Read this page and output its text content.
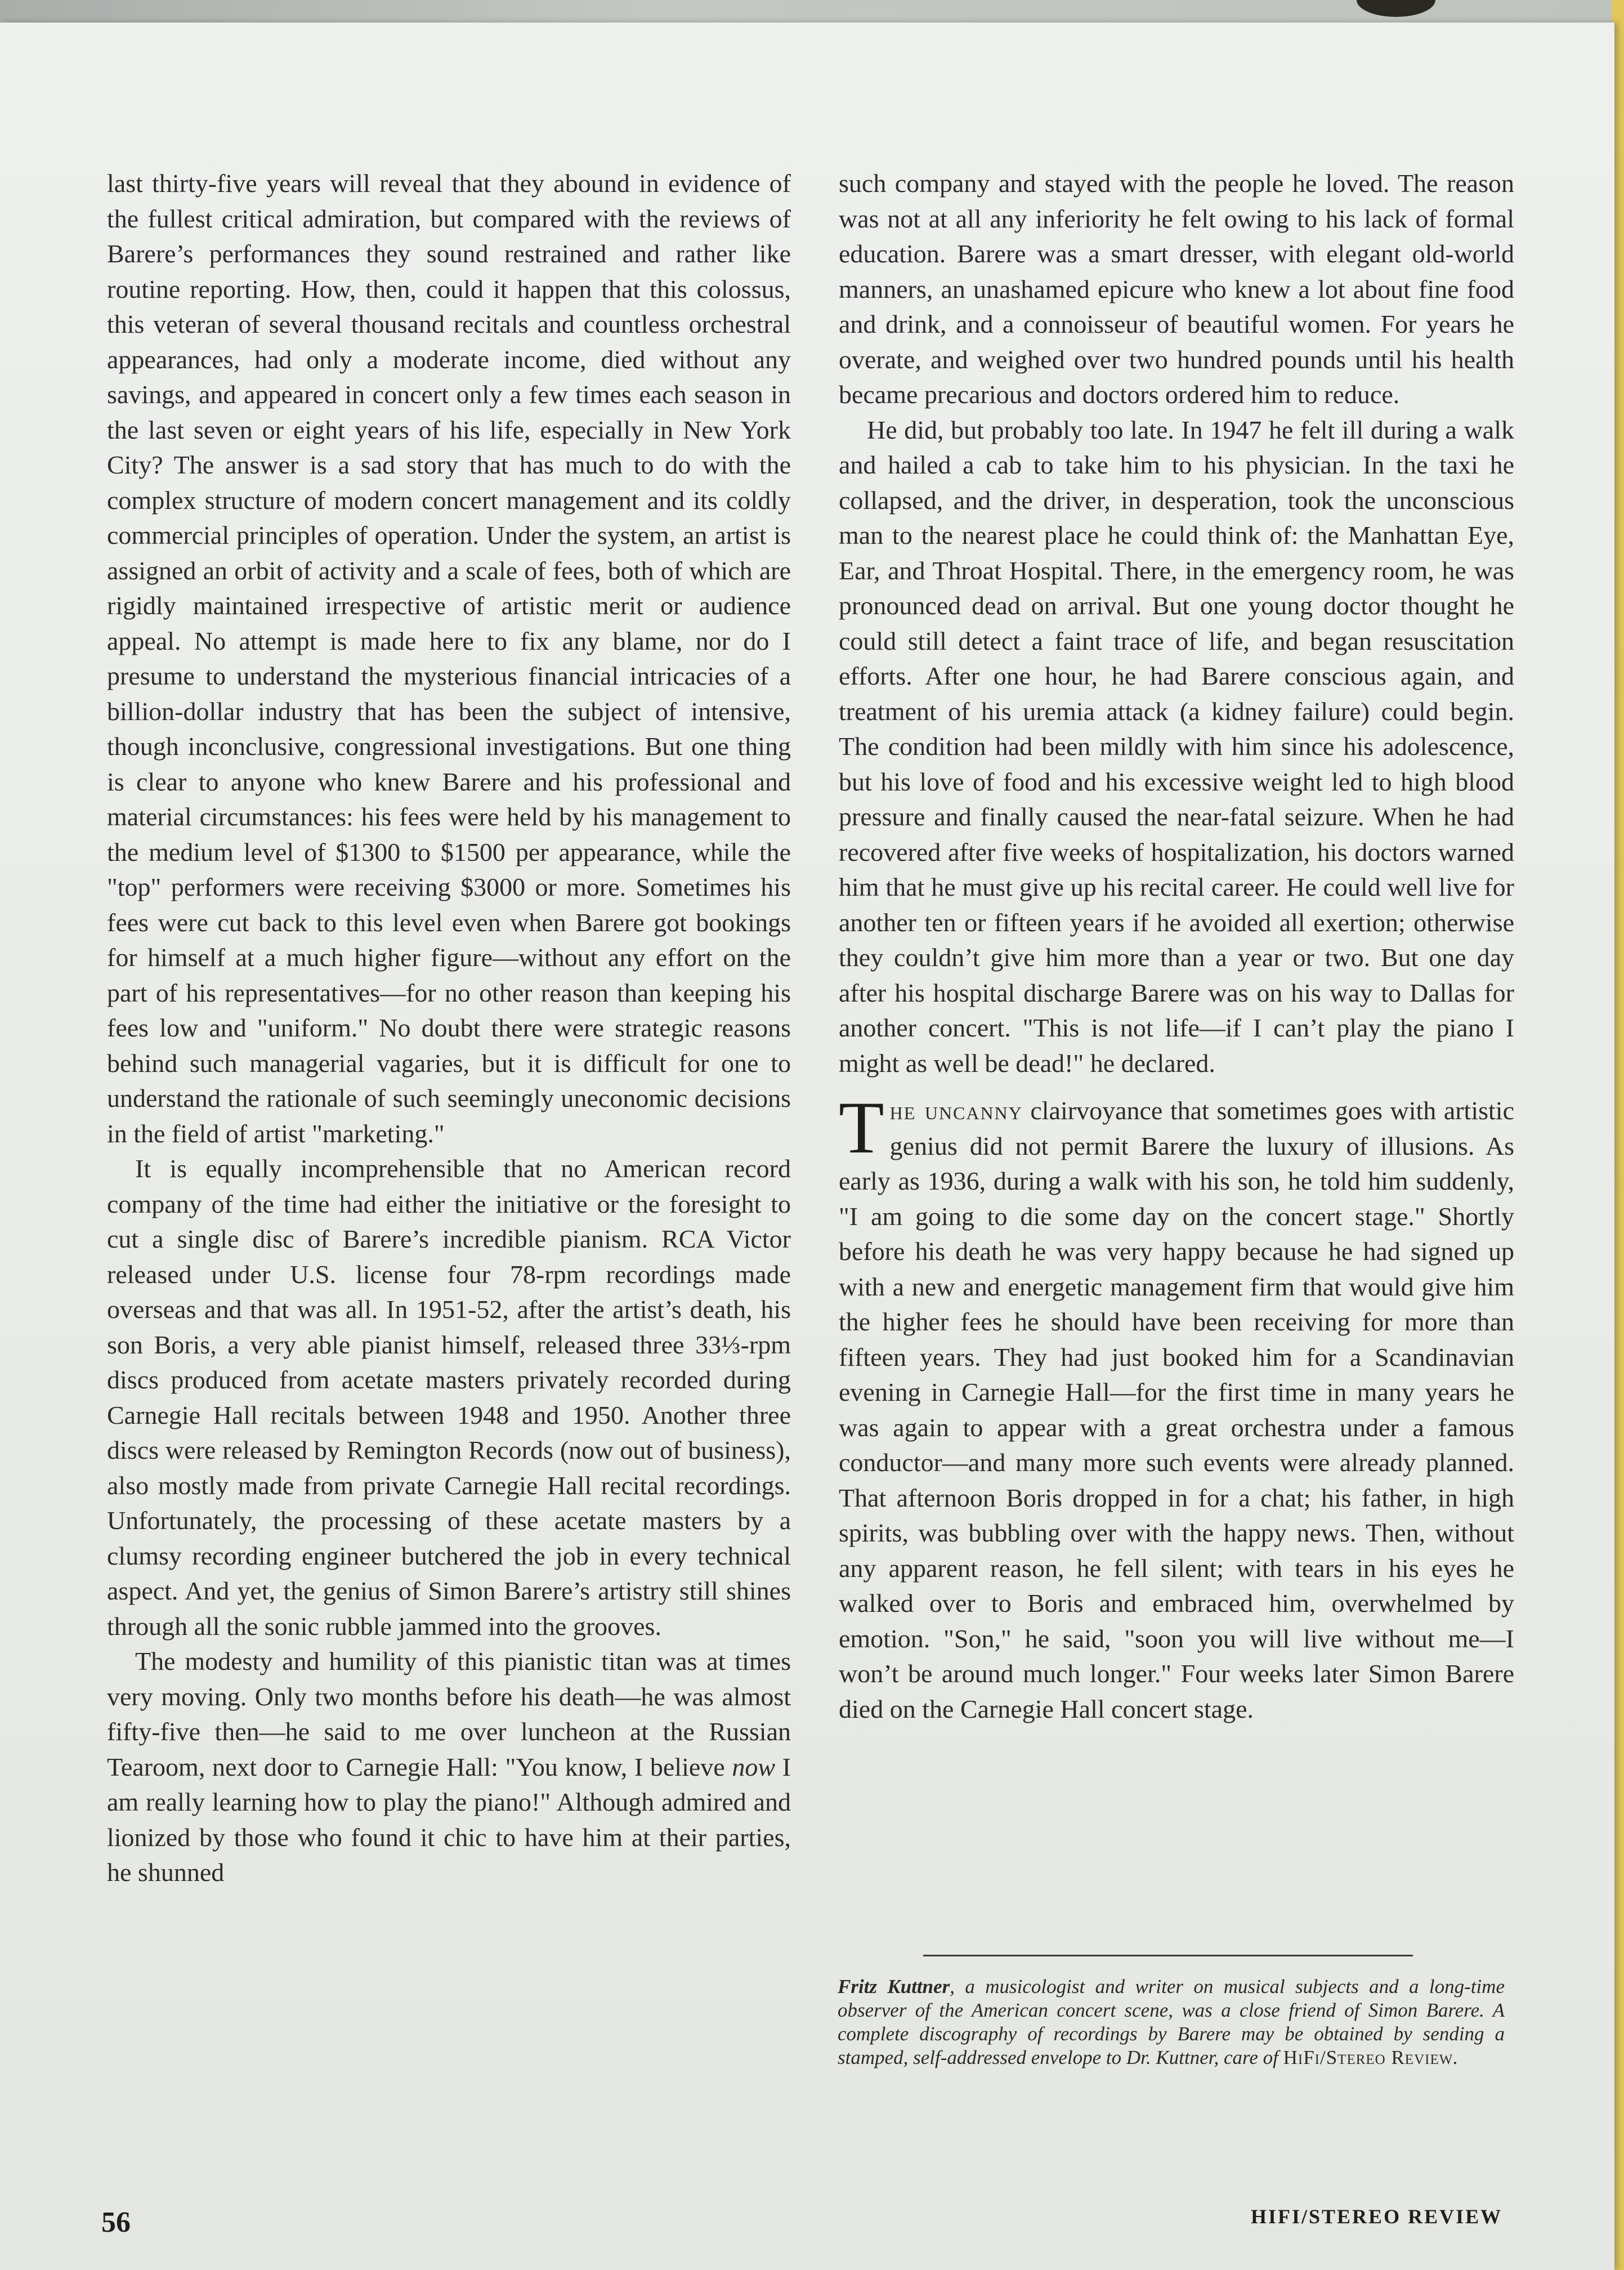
last thirty-five years will reveal that they abound in evidence of the fullest critical admiration, but compared with the reviews of Barere’s performances they sound restrained and rather like routine reporting. How, then, could it happen that this colossus, this veteran of several thousand recitals and countless orchestral appearances, had only a moderate income, died without any savings, and appeared in concert only a few times each season in the last seven or eight years of his life, especially in New York City? The answer is a sad story that has much to do with the complex structure of modern concert management and its coldly commercial principles of operation. Under the system, an artist is assigned an orbit of activity and a scale of fees, both of which are rigidly maintained irrespective of artistic merit or audience appeal. No attempt is made here to fix any blame, nor do I presume to understand the mysterious financial intricacies of a billion-dollar industry that has been the subject of intensive, though inconclusive, congressional investigations. But one thing is clear to anyone who knew Barere and his professional and material circumstances: his fees were held by his management to the medium level of $1300 to $1500 per appearance, while the "top" performers were receiving $3000 or more. Sometimes his fees were cut back to this level even when Barere got bookings for himself at a much higher figure—without any effort on the part of his representatives—for no other reason than keeping his fees low and "uniform." No doubt there were strategic reasons behind such managerial vagaries, but it is difficult for one to understand the rationale of such seemingly uneconomic decisions in the field of artist "marketing."

It is equally incomprehensible that no American record company of the time had either the initiative or the foresight to cut a single disc of Barere’s incredible pianism. RCA Victor released under U.S. license four 78-rpm recordings made overseas and that was all. In 1951-52, after the artist’s death, his son Boris, a very able pianist himself, released three 33⅓-rpm discs produced from acetate masters privately recorded during Carnegie Hall recitals between 1948 and 1950. Another three discs were released by Remington Records (now out of business), also mostly made from private Carnegie Hall recital recordings. Unfortunately, the processing of these acetate masters by a clumsy recording engineer butchered the job in every technical aspect. And yet, the genius of Simon Barere’s artistry still shines through all the sonic rubble jammed into the grooves.

The modesty and humility of this pianistic titan was at times very moving. Only two months before his death—he was almost fifty-five then—he said to me over luncheon at the Russian Tearoom, next door to Carnegie Hall: "You know, I believe now I am really learning how to play the piano!" Although admired and lionized by those who found it chic to have him at their parties, he shunned

such company and stayed with the people he loved. The reason was not at all any inferiority he felt owing to his lack of formal education. Barere was a smart dresser, with elegant old-world manners, an unashamed epicure who knew a lot about fine food and drink, and a connoisseur of beautiful women. For years he overate, and weighed over two hundred pounds until his health became precarious and doctors ordered him to reduce.

He did, but probably too late. In 1947 he felt ill during a walk and hailed a cab to take him to his physician. In the taxi he collapsed, and the driver, in desperation, took the unconscious man to the nearest place he could think of: the Manhattan Eye, Ear, and Throat Hospital. There, in the emergency room, he was pronounced dead on arrival. But one young doctor thought he could still detect a faint trace of life, and began resuscitation efforts. After one hour, he had Barere conscious again, and treatment of his uremia attack (a kidney failure) could begin. The condition had been mildly with him since his adolescence, but his love of food and his excessive weight led to high blood pressure and finally caused the near-fatal seizure. When he had recovered after five weeks of hospitalization, his doctors warned him that he must give up his recital career. He could well live for another ten or fifteen years if he avoided all exertion; otherwise they couldn’t give him more than a year or two. But one day after his hospital discharge Barere was on his way to Dallas for another concert. "This is not life—if I can’t play the piano I might as well be dead!" he declared.

The uncanny clairvoyance that sometimes goes with artistic genius did not permit Barere the luxury of illusions. As early as 1936, during a walk with his son, he told him suddenly, "I am going to die some day on the concert stage." Shortly before his death he was very happy because he had signed up with a new and energetic management firm that would give him the higher fees he should have been receiving for more than fifteen years. They had just booked him for a Scandinavian evening in Carnegie Hall—for the first time in many years he was again to appear with a great orchestra under a famous conductor—and many more such events were already planned. That afternoon Boris dropped in for a chat; his father, in high spirits, was bubbling over with the happy news. Then, without any apparent reason, he fell silent; with tears in his eyes he walked over to Boris and embraced him, overwhelmed by emotion. "Son," he said, "soon you will live without me—I won’t be around much longer." Four weeks later Simon Barere died on the Carnegie Hall concert stage.

Fritz Kuttner, a musicologist and writer on musical subjects and a long-time observer of the American concert scene, was a close friend of Simon Barere. A complete discography of recordings by Barere may be obtained by sending a stamped, self-addressed envelope to Dr. Kuttner, care of HiFi/Stereo Review.
56	HIFI/STEREO REVIEW
